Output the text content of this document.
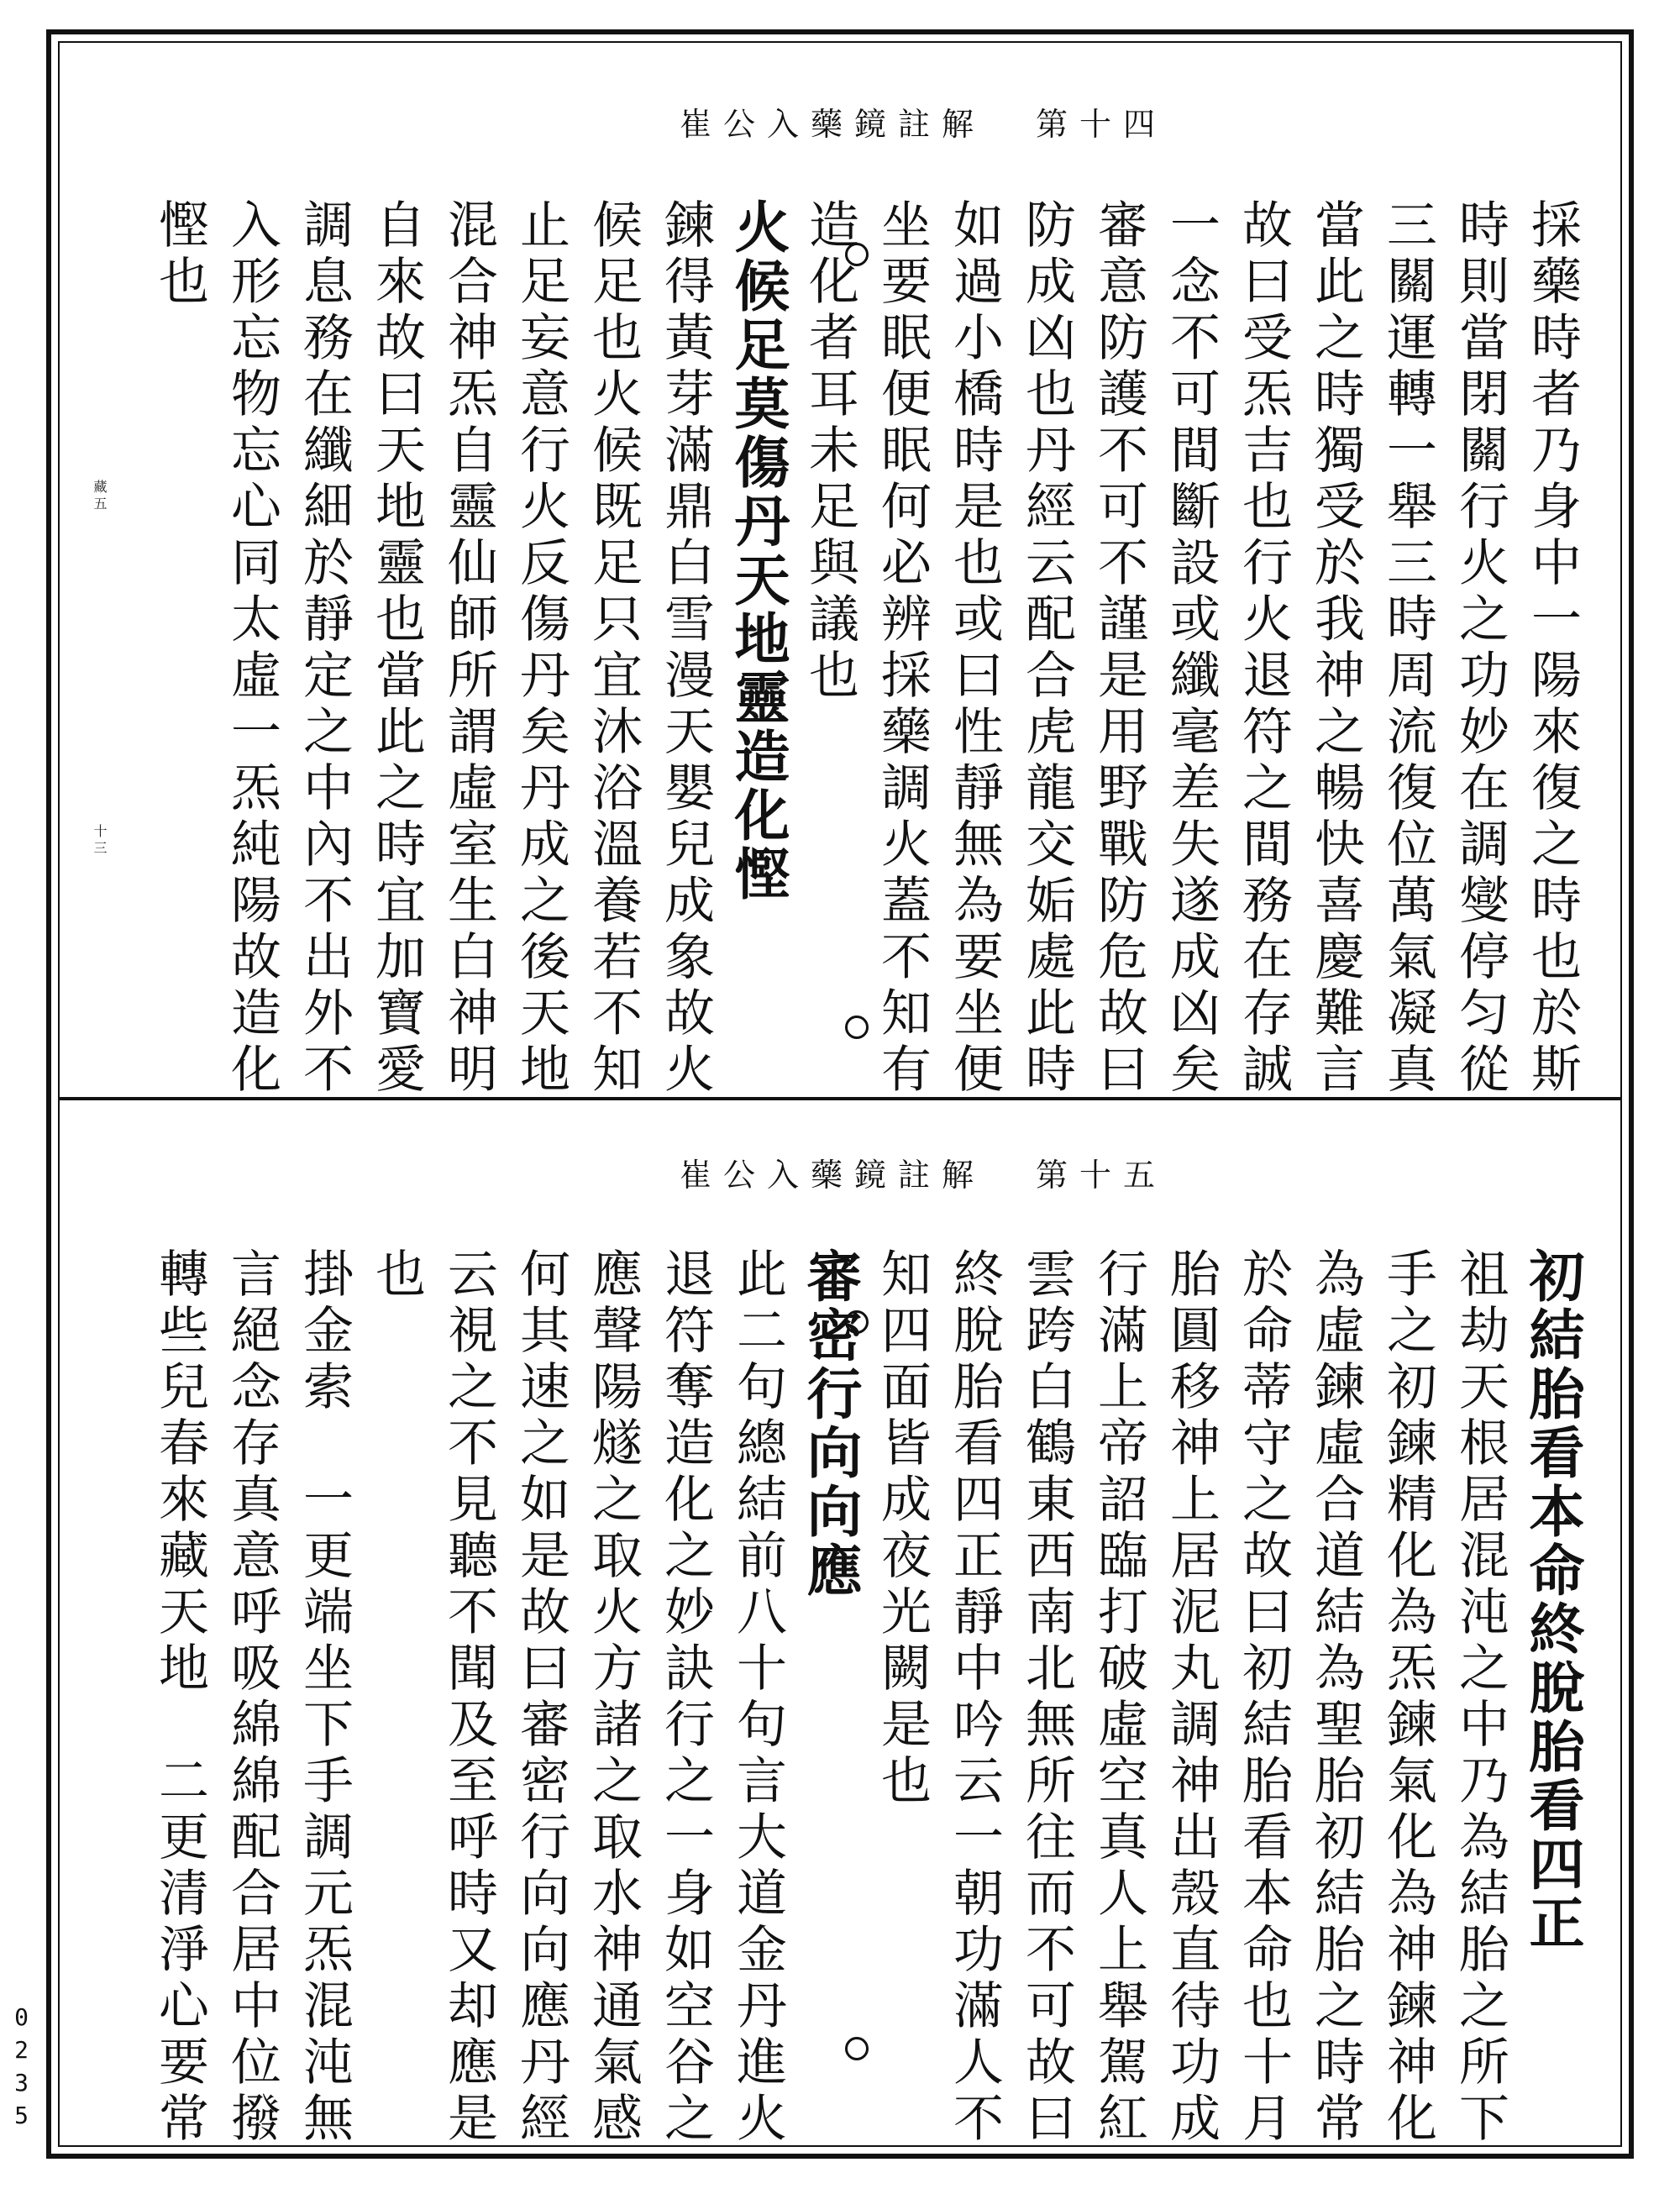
崔公入藥鏡註解 第十四
採藥時者乃身中一陽來復之時也於斯
時則當閉關行火之功妙在調燮停匀從
三關運轉一舉三時周流復位萬氣凝真
當此之時獨受於我神之暢快喜慶難言
故曰受炁吉也行火退符之間務在存誠
一念不可間斷設或纖毫差失遂成凶矣
審意防護不可不謹是用野戰防危故曰
防成凶也丹經云配合虎龍交姤處此時
如過小橋時是也或曰性靜無為要坐便
坐要眠便眠何必辨採藥調火蓋不知有
造化者耳未足與議也
火候足莫傷丹天地靈造化慳
鍊得黃芽滿鼎白雪漫天嬰兒成象故火
候足也火候既足只宜沐浴溫養若不知
止足妄意行火反傷丹矣丹成之後天地
混合神炁自靈仙師所謂虛室生白神明
自來故曰天地靈也當此之時宜加寶愛
調息務在纖細於靜定之中內不出外不
入形忘物忘心同太虛一炁純陽故造化
慳也
藏五
十三
崔公入藥鏡註解 第十五
初結胎看本命終脫胎看四正
祖劫天根居混沌之中乃為結胎之所下
手之初鍊精化為炁鍊氣化為神鍊神化
為虛鍊虛合道結為聖胎初結胎之時常
於命蒂守之故曰初結胎看本命也十月
胎圓移神上居泥丸調神出殼直待功成
行滿上帝詔臨打破虛空真人上舉駕紅
雲跨白鶴東西南北無所往而不可故曰
終脫胎看四正靜中吟云一朝功滿人不
知四面皆成夜光闕是也
審密行向向應
此二句總結前八十句言大道金丹進火
退符奪造化之妙訣行之一身如空谷之
應聲陽燧之取火方諸之取水神通氣感
何其速之如是故曰審密行向向應丹經
云視之不見聽不聞及至呼時又却應是
也
掛金索　一更端坐下手調元炁混沌無
言絕念存真意呼吸綿綿配合居中位撥
轉些兒春來藏天地　二更清淨心要常
0235
